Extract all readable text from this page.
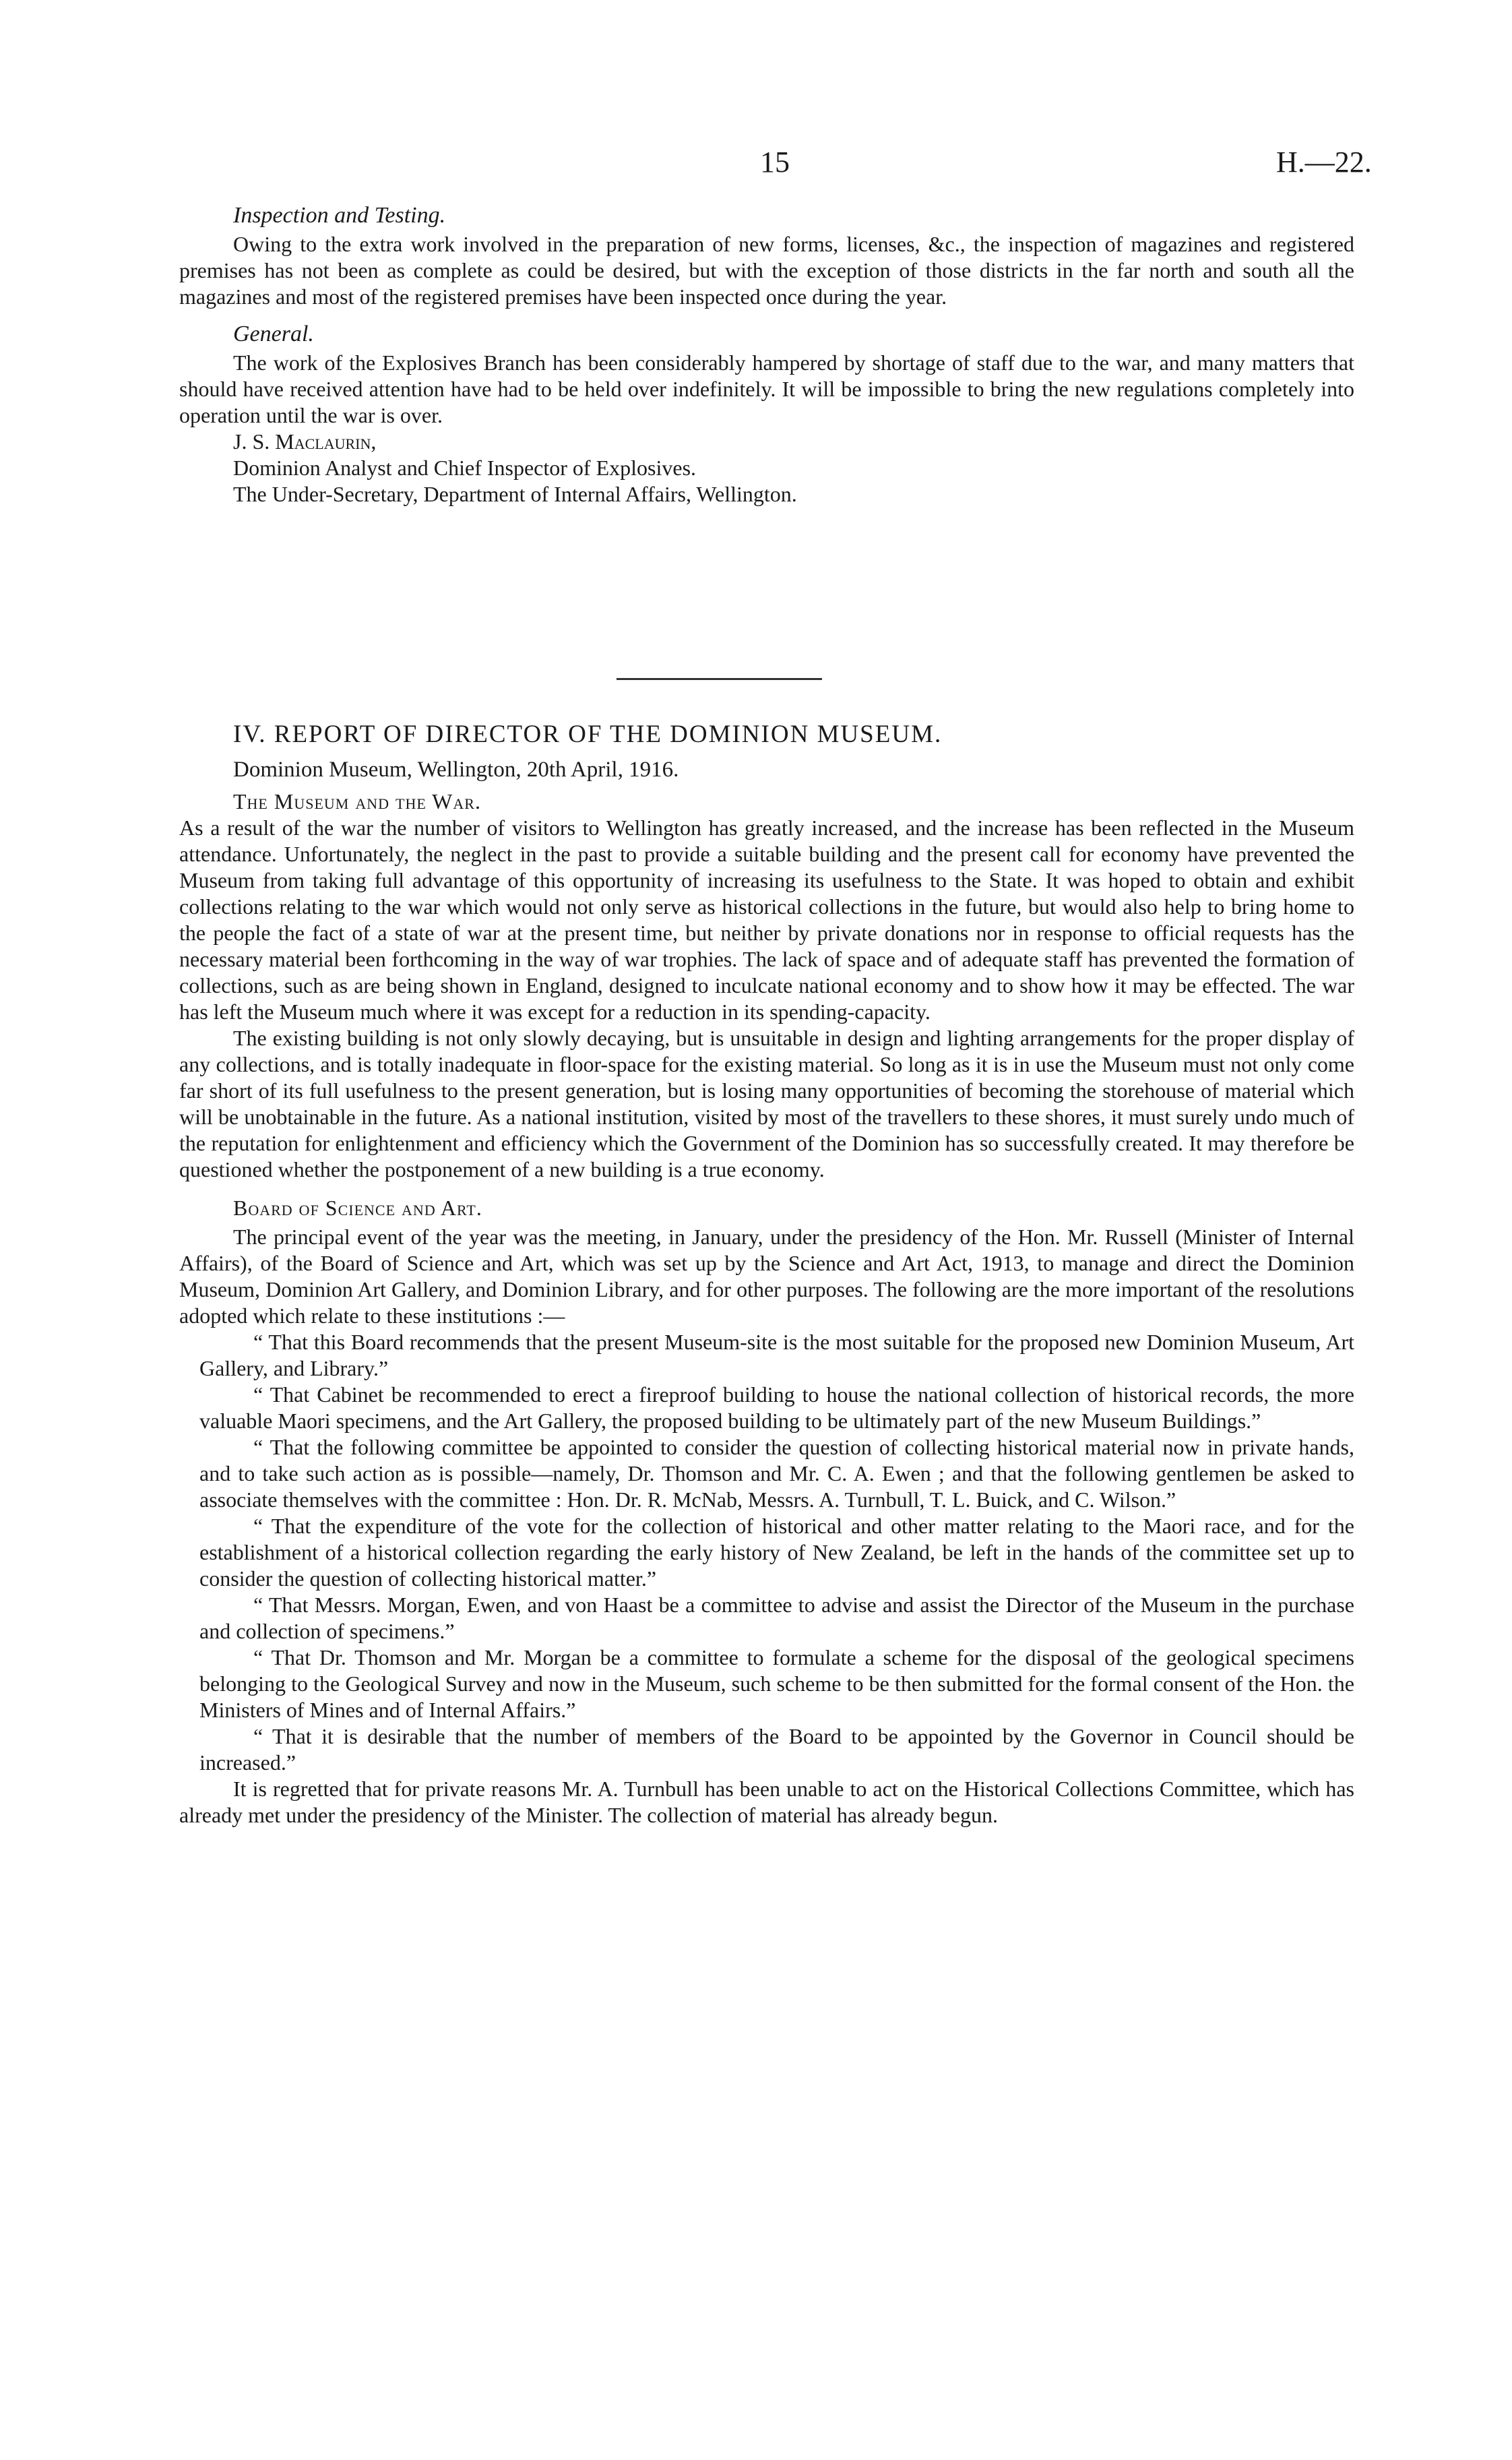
15	H.—22.

Inspection and Testing.

Owing to the extra work involved in the preparation of new forms, licenses, &c., the inspection of magazines and registered premises has not been as complete as could be desired, but with the exception of those districts in the far north and south all the magazines and most of the registered premises have been inspected once during the year.

General.

The work of the Explosives Branch has been considerably hampered by shortage of staff due to the war, and many matters that should have received attention have had to be held over indefinitely. It will be impossible to bring the new regulations completely into operation until the war is over.

J. S. Maclaurin,

Dominion Analyst and Chief Inspector of Explosives.

The Under-Secretary, Department of Internal Affairs, Wellington.

IV. REPORT OF DIRECTOR OF THE DOMINION MUSEUM.

Dominion Museum, Wellington, 20th April, 1916.

The Museum and the War.

As a result of the war the number of visitors to Wellington has greatly increased, and the increase has been reflected in the Museum attendance. Unfortunately, the neglect in the past to provide a suitable building and the present call for economy have prevented the Museum from taking full advantage of this opportunity of increasing its usefulness to the State. It was hoped to obtain and exhibit collections relating to the war which would not only serve as historical collections in the future, but would also help to bring home to the people the fact of a state of war at the present time, but neither by private donations nor in response to official requests has the necessary material been forthcoming in the way of war trophies. The lack of space and of adequate staff has prevented the formation of collections, such as are being shown in England, designed to inculcate national economy and to show how it may be effected. The war has left the Museum much where it was except for a reduction in its spending-capacity.

The existing building is not only slowly decaying, but is unsuitable in design and lighting arrangements for the proper display of any collections, and is totally inadequate in floor-space for the existing material. So long as it is in use the Museum must not only come far short of its full usefulness to the present generation, but is losing many opportunities of becoming the storehouse of material which will be unobtainable in the future. As a national institution, visited by most of the travellers to these shores, it must surely undo much of the reputation for enlightenment and efficiency which the Government of the Dominion has so successfully created. It may therefore be questioned whether the postponement of a new building is a true economy.

Board of Science and Art.

The principal event of the year was the meeting, in January, under the presidency of the Hon. Mr. Russell (Minister of Internal Affairs), of the Board of Science and Art, which was set up by the Science and Art Act, 1913, to manage and direct the Dominion Museum, Dominion Art Gallery, and Dominion Library, and for other purposes. The following are the more important of the resolutions adopted which relate to these institutions :—

“ That this Board recommends that the present Museum-site is the most suitable for the proposed new Dominion Museum, Art Gallery, and Library.”

“ That Cabinet be recommended to erect a fireproof building to house the national collection of historical records, the more valuable Maori specimens, and the Art Gallery, the proposed building to be ultimately part of the new Museum Buildings.”

“ That the following committee be appointed to consider the question of collecting historical material now in private hands, and to take such action as is possible—namely, Dr. Thomson and Mr. C. A. Ewen ; and that the following gentlemen be asked to associate themselves with the committee : Hon. Dr. R. McNab, Messrs. A. Turnbull, T. L. Buick, and C. Wilson.”

“ That the expenditure of the vote for the collection of historical and other matter relating to the Maori race, and for the establishment of a historical collection regarding the early history of New Zealand, be left in the hands of the committee set up to consider the question of collecting historical matter.”

“ That Messrs. Morgan, Ewen, and von Haast be a committee to advise and assist the Director of the Museum in the purchase and collection of specimens.”

“ That Dr. Thomson and Mr. Morgan be a committee to formulate a scheme for the disposal of the geological specimens belonging to the Geological Survey and now in the Museum, such scheme to be then submitted for the formal consent of the Hon. the Ministers of Mines and of Internal Affairs.”

“ That it is desirable that the number of members of the Board to be appointed by the Governor in Council should be increased.”

It is regretted that for private reasons Mr. A. Turnbull has been unable to act on the Historical Collections Committee, which has already met under the presidency of the Minister. The collection of material has already begun.
